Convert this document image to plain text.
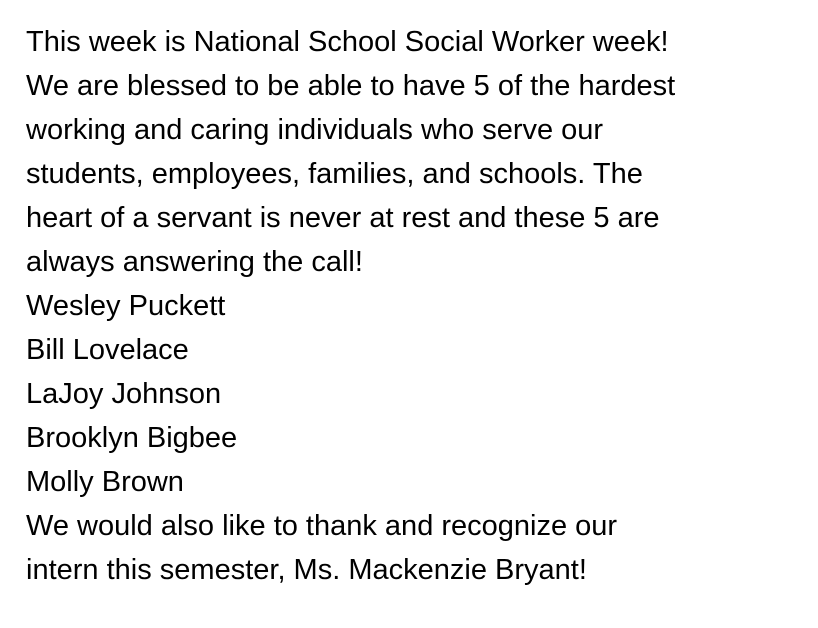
This week is National School Social Worker week!
We are blessed to be able to have 5 of the hardest
working and caring individuals who serve our
students, employees, families, and schools. The
heart of a servant is never at rest and these 5 are
always answering the call!
Wesley Puckett
Bill Lovelace
LaJoy Johnson
Brooklyn Bigbee
Molly Brown
We would also like to thank and recognize our
intern this semester, Ms. Mackenzie Bryant!
